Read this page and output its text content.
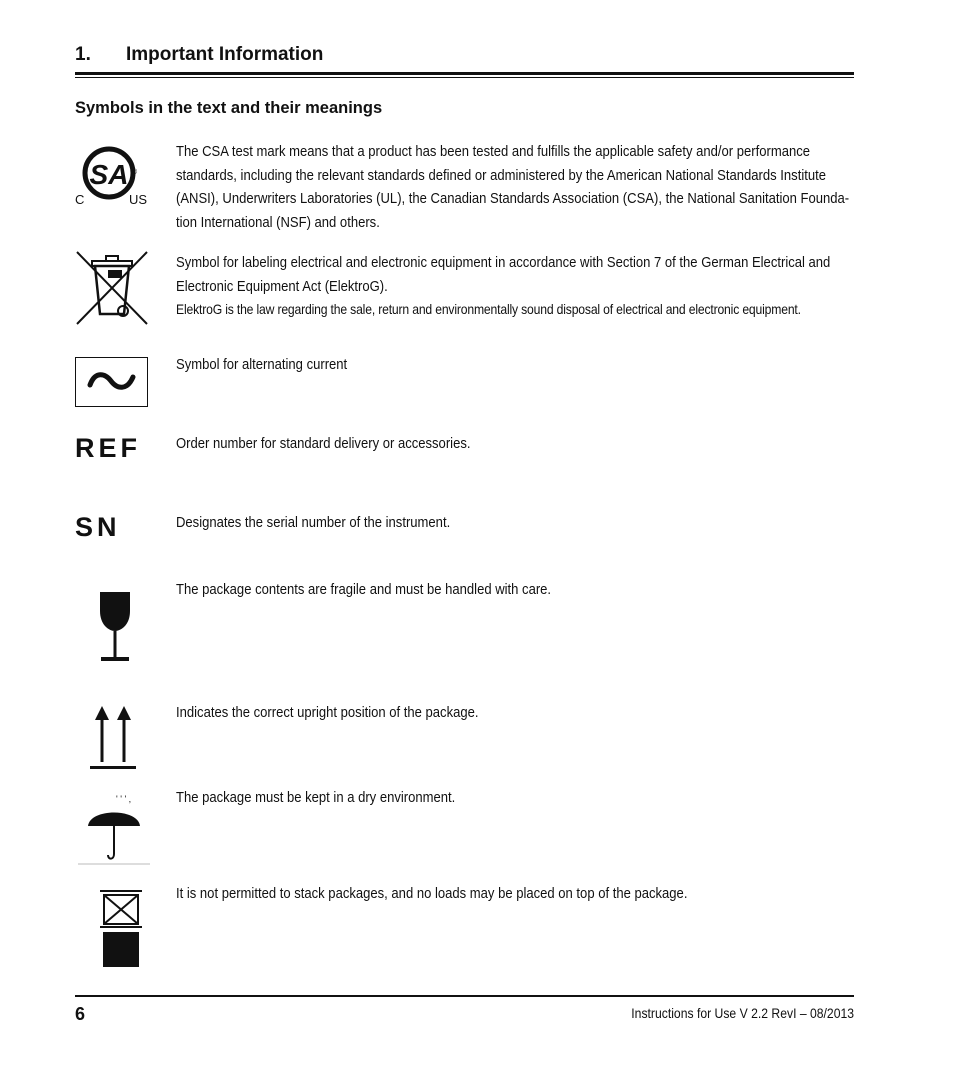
1. Important Information
Symbols in the text and their meanings
SA ®
C	US

The CSA test mark means that a product has been tested and fulfills the applicable safety and/or performance

standards, including the relevant standards defined or administered by the American National Standards Institute

(ANSI), Underwriters Laboratories (UL), the Canadian Standards Association (CSA), the National Sanitation Founda-

tion International (NSF) and others.

Symbol for labeling electrical and electronic equipment in accordance with Section 7 of the German Electrical and

Electronic Equipment Act (ElektroG).

ElektroG is the law regarding the sale, return and environmentally sound disposal of electrical and electronic equipment.

Symbol for alternating current

REF Order number for standard delivery or accessories.

SN	Designates the serial number of the instrument.

The package contents are fragile and must be handled with care.

Indicates the correct upright position of the package.

' ' ' ,	The package must be kept in a dry environment.

It is not permitted to stack packages, and no loads may be placed on top of the package.

6	Instructions for Use V 2.2 RevI – 08/2013
